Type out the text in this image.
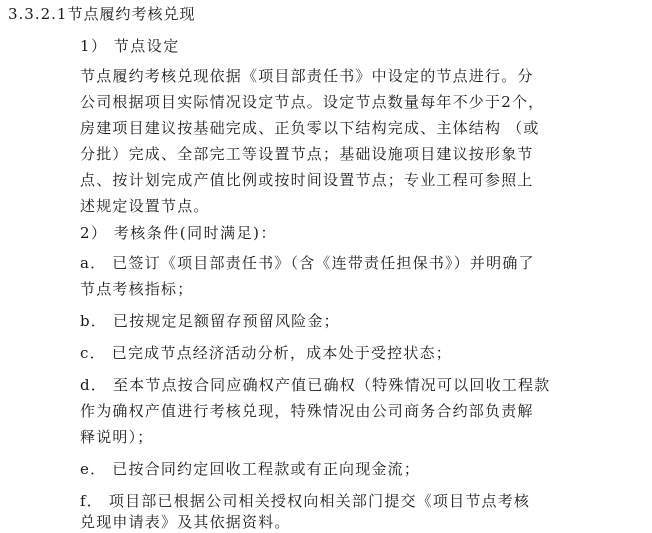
3.3.2.1节点履约考核兑现
1） 节点设定
节点履约考核兑现依据《项目部责任书》中设定的节点进行。分
公司根据项目实际情况设定节点。设定节点数量每年不少于2个，
房建项目建议按基础完成、正负零以下结构完成、主体结构 （或
分批）完成、全部完工等设置节点；基础设施项目建议按形象节
点、按计划完成产值比例或按时间设置节点；专业工程可参照上
述规定设置节点。
2） 考核条件(同时满足)：
a． 已签订《项目部责任书》（含《连带责任担保书》）并明确了
节点考核指标；
b． 已按规定足额留存预留风险金；
c． 已完成节点经济活动分析，成本处于受控状态；
d． 至本节点按合同应确权产值已确权（特殊情况可以回收工程款
作为确权产值进行考核兑现，特殊情况由公司商务合约部负责解
释说明）；
e． 已按合同约定回收工程款或有正向现金流；
f． 项目部已根据公司相关授权向相关部门提交《项目节点考核
兑现申请表》及其依据资料。
